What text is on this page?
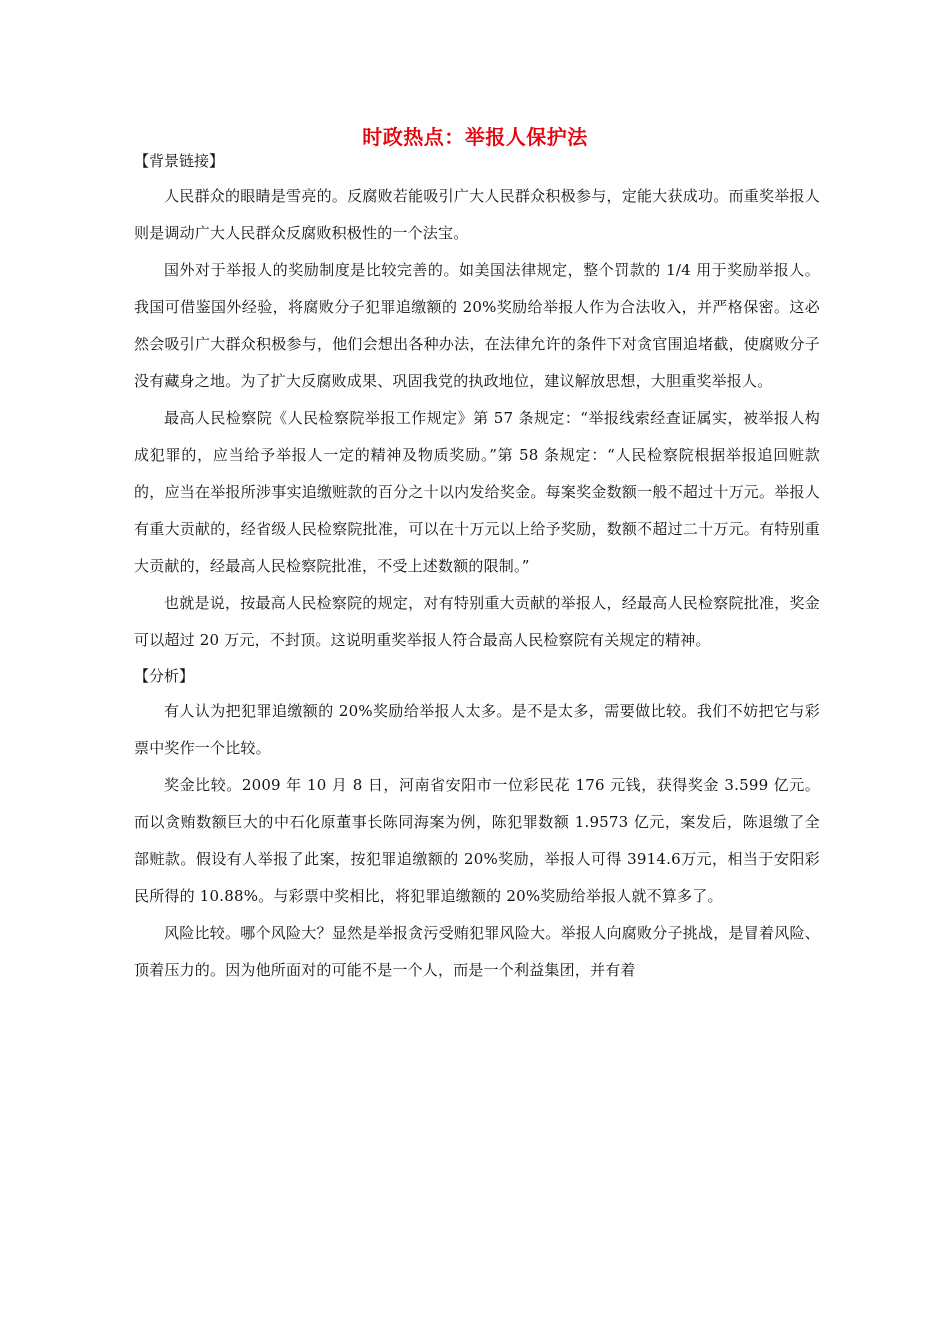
时政热点：举报人保护法
【背景链接】

人民群众的眼睛是雪亮的。反腐败若能吸引广大人民群众积极参与，定能大获成功。而重奖举报人则是调动广大人民群众反腐败积极性的一个法宝。

国外对于举报人的奖励制度是比较完善的。如美国法律规定，整个罚款的 1/4 用于奖励举报人。我国可借鉴国外经验，将腐败分子犯罪追缴额的 20%奖励给举报人作为合法收入，并严格保密。这必然会吸引广大群众积极参与，他们会想出各种办法，在法律允许的条件下对贪官围追堵截，使腐败分子没有藏身之地。为了扩大反腐败成果、巩固我党的执政地位，建议解放思想，大胆重奖举报人。

最高人民检察院《人民检察院举报工作规定》第 57 条规定：“举报线索经查证属实，被举报人构成犯罪的，应当给予举报人一定的精神及物质奖励。”第 58 条规定：“人民检察院根据举报追回赃款的，应当在举报所涉事实追缴赃款的百分之十以内发给奖金。每案奖金数额一般不超过十万元。举报人有重大贡献的，经省级人民检察院批准，可以在十万元以上给予奖励，数额不超过二十万元。有特别重大贡献的，经最高人民检察院批准，不受上述数额的限制。”

也就是说，按最高人民检察院的规定，对有特别重大贡献的举报人，经最高人民检察院批准，奖金可以超过 20 万元，不封顶。这说明重奖举报人符合最高人民检察院有关规定的精神。

【分析】

有人认为把犯罪追缴额的 20%奖励给举报人太多。是不是太多，需要做比较。我们不妨把它与彩票中奖作一个比较。

奖金比较。2009 年 10 月 8 日，河南省安阳市一位彩民花 176 元钱，获得奖金 3.599 亿元。而以贪贿数额巨大的中石化原董事长陈同海案为例，陈犯罪数额 1.9573 亿元，案发后，陈退缴了全部赃款。假设有人举报了此案，按犯罪追缴额的 20%奖励，举报人可得 3914.6万元，相当于安阳彩民所得的 10.88%。与彩票中奖相比，将犯罪追缴额的 20%奖励给举报人就不算多了。

风险比较。哪个风险大？显然是举报贪污受贿犯罪风险大。举报人向腐败分子挑战，是冒着风险、顶着压力的。因为他所面对的可能不是一个人，而是一个利益集团，并有着
